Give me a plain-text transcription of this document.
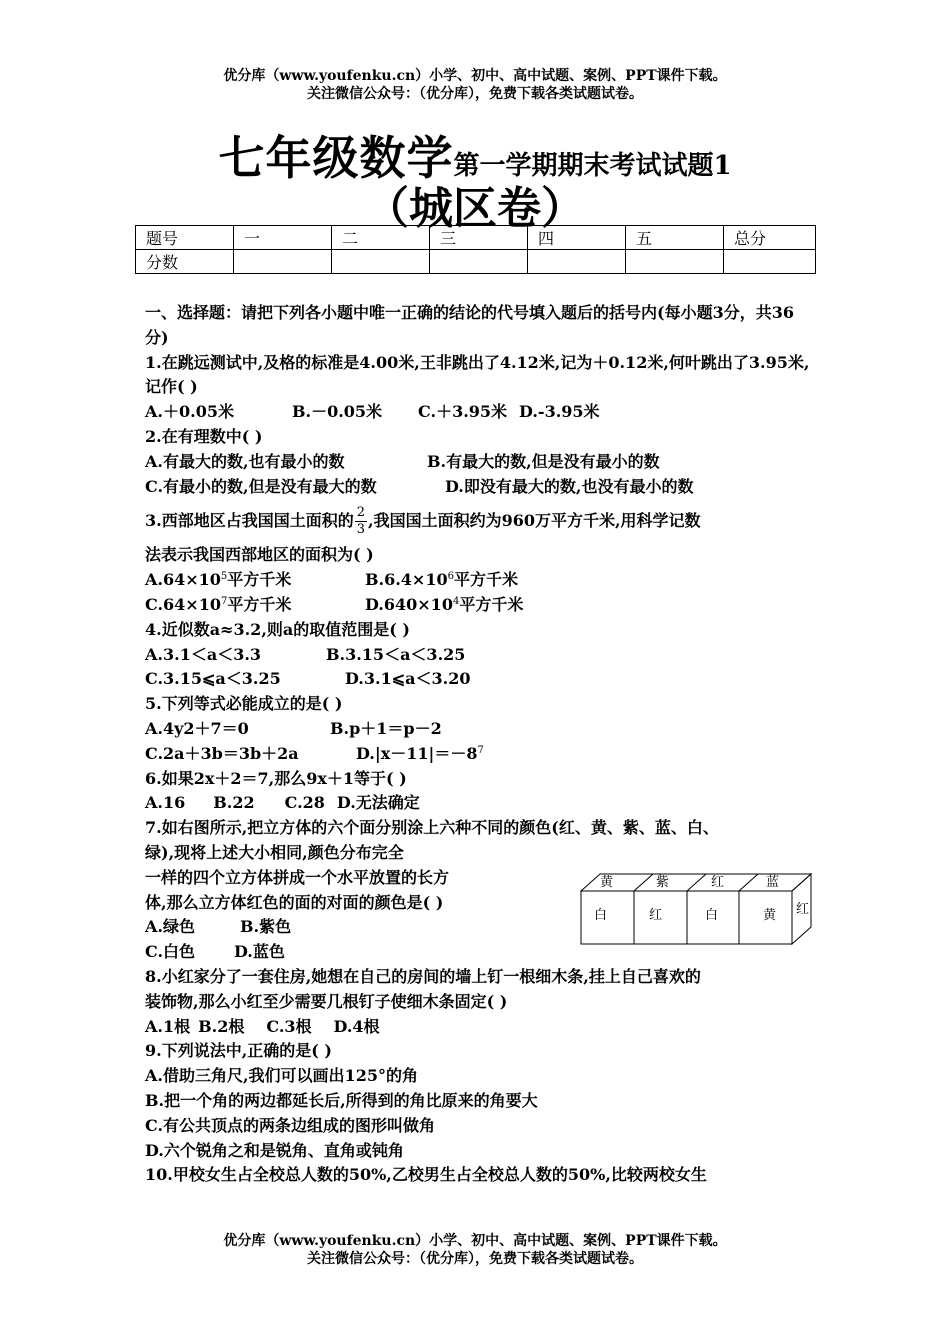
优分库（www.youfenku.cn）小学、初中、高中试题、案例、PPT课件下载。
关注微信公众号：（优分库），免费下载各类试题试卷。
七年级数学第一学期期末考试试题1
（城区卷）
题号	一	二	三	四	五	总分
分数						
一、选择题：请把下列各小题中唯一正确的结论的代号填入题后的括号内(每小题3分，共36分)
1.在跳远测试中,及格的标准是4.00米,王非跳出了4.12米,记为＋0.12米,何叶跳出了3.95米,记作( )
A.＋0.05米	B.－0.05米 C.＋3.95米 D.-3.95米
2.在有理数中( )
A.有最大的数,也有最小的数	B.有最大的数,但是没有最小的数
C.有最小的数,但是没有最大的数	D.即没有最大的数,也没有最小的数
3.西部地区占我国国土面积的 $\frac{2}{3}$ ,我国国土面积约为960万平方千米,用科学记数
法表示我国西部地区的面积为( )
$A.64\times 10^5$平方千米	$B.6.4\times 10^6$平方千米
$C.64\times 10^7$平方千米	$D.640\times 10^4$平方千米
4.近似数a≈3.2,则a的取值范围是( )
A.3.1＜a＜3.3	B.3.15＜a＜3.25
C.3.15⩽a＜3.25	D.3.1⩽a＜3.20
5.下列等式必能成立的是( )
A.4y2＋7＝0	B.p＋1＝p－2
C.2a＋3b＝3b＋2a	$D.|x-11|=-8^7$
6.如果2x＋2＝7,那么9x＋1等于( )
A.16 B.22 C.28 D.无法确定
7.如右图所示,把立方体的六个面分别涂上六种不同的颜色(红、黄、紫、蓝、白、
绿),现将上述大小相同,颜色分布完全
一样的四个立方体拼成一个水平放置的长方
体,那么立方体红色的面的对面的颜色是( )
A.绿色	B.紫色
C.白色 D.蓝色
8.小红家分了一套住房,她想在自己的房间的墙上钉一根细木条,挂上自己喜欢的
装饰物,那么小红至少需要几根钉子使细木条固定( )
A.1根 B.2根 C.3根 D.4根
9.下列说法中,正确的是( )
A.借助三角尺,我们可以画出125°的角
B.把一个角的两边都延长后,所得到的角比原来的角要大
C.有公共顶点的两条边组成的图形叫做角
D.六个锐角之和是锐角、直角或钝角
10.甲校女生占全校总人数的50%,乙校男生占全校总人数的50%,比较两校女生
黄	紫	红	蓝
白	红	白	黄 红
优分库（www.youfenku.cn）小学、初中、高中试题、案例、PPT课件下载。
关注微信公众号：（优分库），免费下载各类试题试卷。
